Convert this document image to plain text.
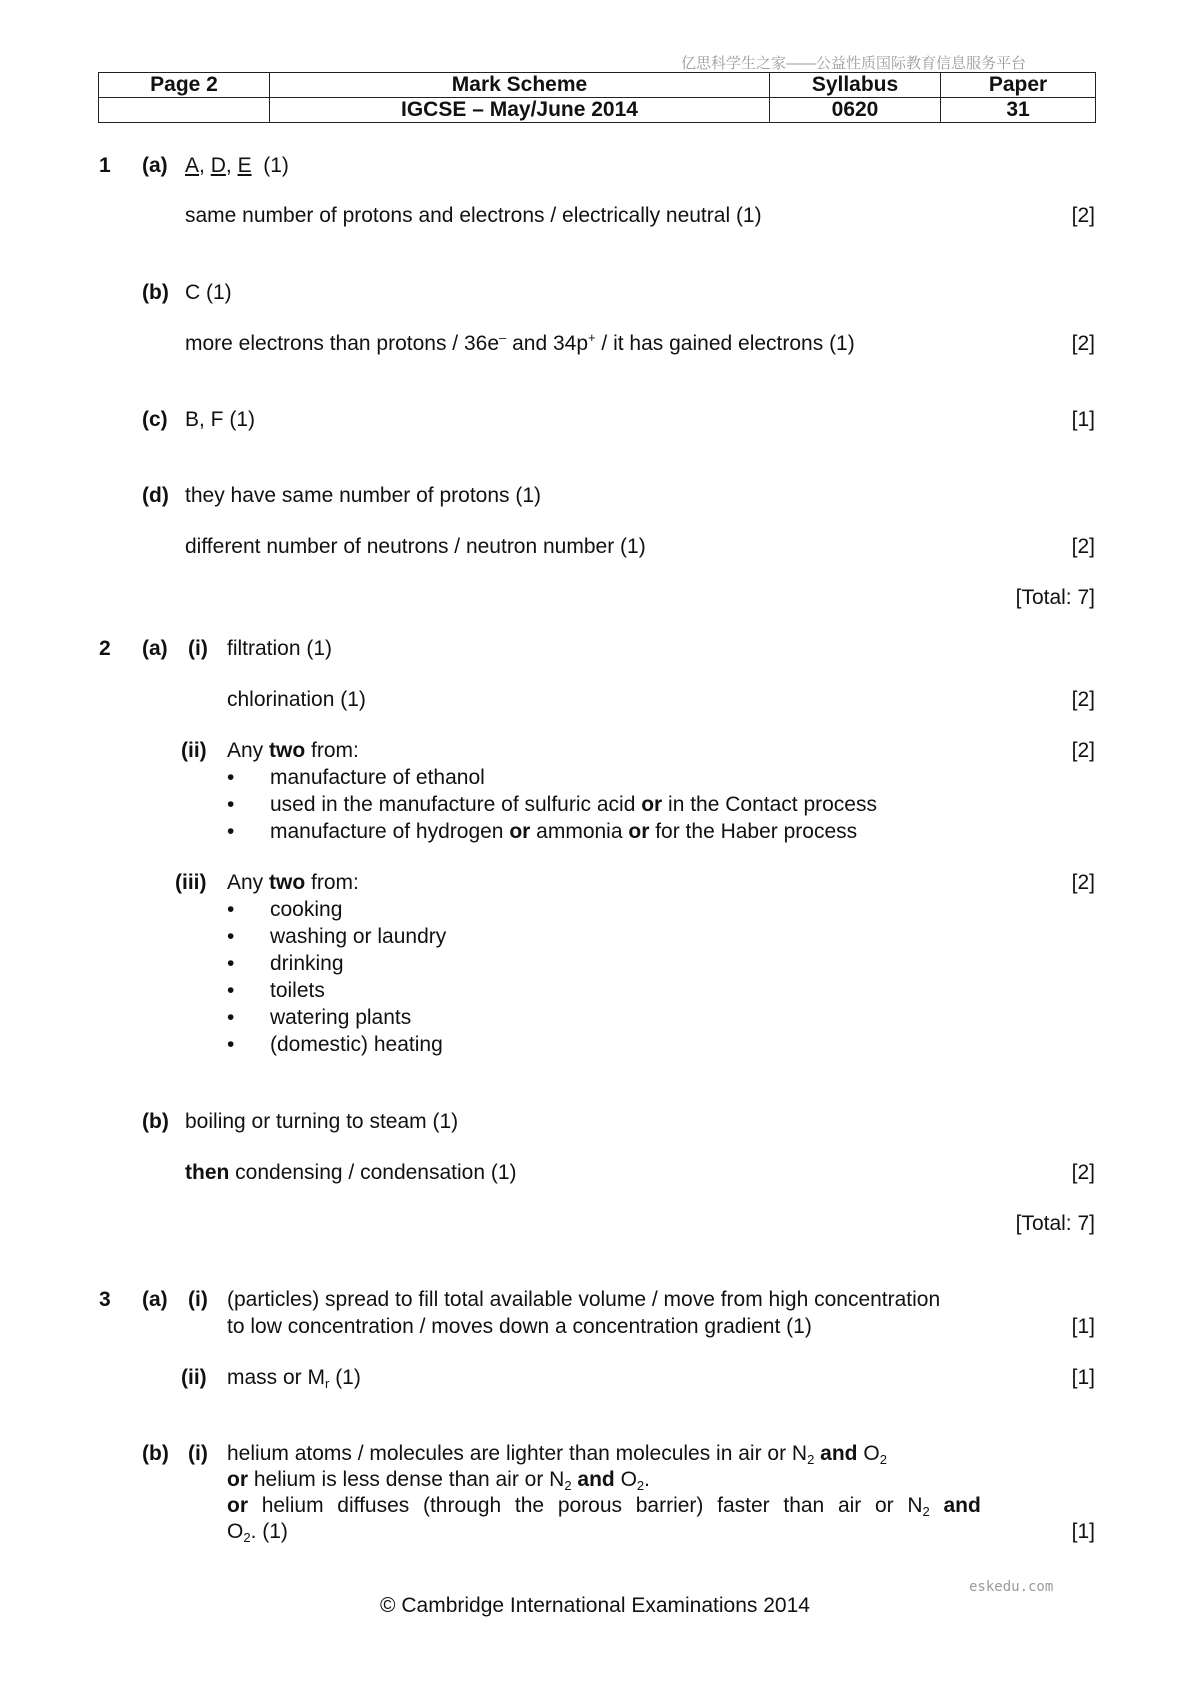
亿思科学生之家——公益性质国际教育信息服务平台
Page 2	Mark Scheme	Syllabus	Paper
	IGCSE – May/June 2014	0620	31
1 (a) A, D, E (1)
same number of protons and electrons / electrically neutral (1)	[2]
(b) C (1)
more electrons than protons / 36e– and 34p+ / it has gained electrons (1)	[2]
(c) B, F (1)	[1]
(d) they have same number of protons (1)
different number of neutrons / neutron number (1)	[2]
[Total: 7]
2 (a) (i) filtration (1)
chlorination (1)	[2]
(ii) Any two from:	[2]
• manufacture of ethanol
• used in the manufacture of sulfuric acid or in the Contact process
• manufacture of hydrogen or ammonia or for the Haber process
(iii) Any two from:	[2]
• cooking
• washing or laundry
• drinking
• toilets
• watering plants
• (domestic) heating
(b) boiling or turning to steam (1)
then condensing / condensation (1)	[2]
[Total: 7]
3 (a) (i) (particles) spread to fill total available volume / move from high concentration
to low concentration / moves down a concentration gradient (1)	[1]
(ii) mass or $M_r$ (1)	[1]
(b) (i) helium atoms / molecules are lighter than molecules in air or $N_2$ and $O_2$
or helium is less dense than air or $N_2$ and $O_2$.
or helium diffuses (through the porous barrier) faster than air or $N_2$ and
$O_2$. (1)	[1]
eskedu.com
© Cambridge International Examinations 2014
